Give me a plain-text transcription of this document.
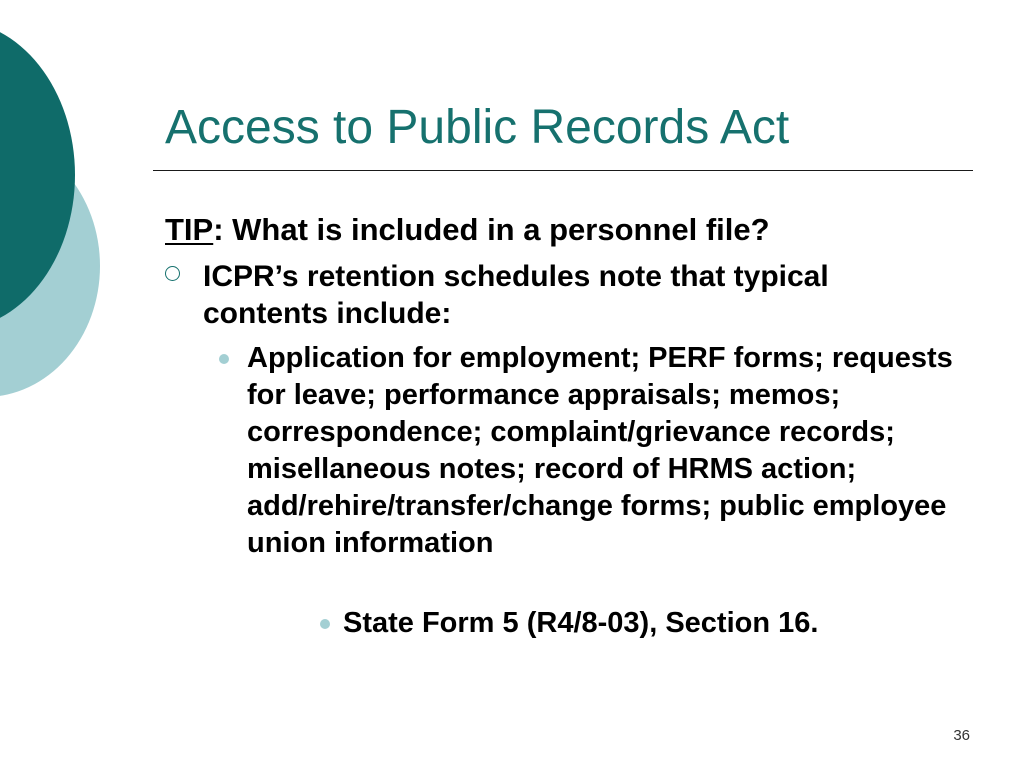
Access to Public Records Act
TIP: What is included in a personnel file?
ICPR’s retention schedules note that typical contents include:
Application for employment; PERF forms; requests for leave; performance appraisals; memos; correspondence; complaint/grievance records; misellaneous notes; record of HRMS action; add/rehire/transfer/change forms; public employee union information
State Form 5 (R4/8-03), Section 16.
36
